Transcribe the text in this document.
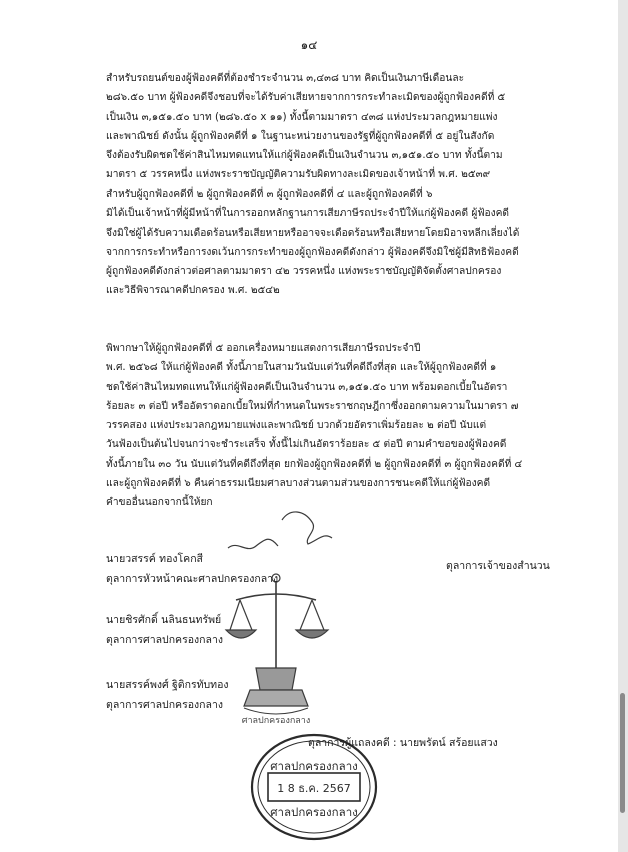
๑๔

สำหรับรถยนต์ของผู้ฟ้องคดีที่ต้องชำระจำนวน ๓,๔๓๘ บาท คิดเป็นเงินภาษีเดือนละ
๒๘๖.๕๐ บาท ผู้ฟ้องคดีจึงชอบที่จะได้รับค่าเสียหายจากการกระทำละเมิดของผู้ถูกฟ้องคดีที่ ๕
เป็นเงิน ๓,๑๕๑.๕๐ บาท (๒๘๖.๕๐ x ๑๑) ทั้งนี้ตามมาตรา ๔๓๘ แห่งประมวลกฎหมายแพ่ง
และพาณิชย์ ดังนั้น ผู้ถูกฟ้องคดีที่ ๑ ในฐานะหน่วยงานของรัฐที่ผู้ถูกฟ้องคดีที่ ๕ อยู่ในสังกัด
จึงต้องรับผิดชดใช้ค่าสินไหมทดแทนให้แก่ผู้ฟ้องคดีเป็นเงินจำนวน ๓,๑๕๑.๕๐ บาท ทั้งนี้ตาม
มาตรา ๕ วรรคหนึ่ง แห่งพระราชบัญญัติความรับผิดทางละเมิดของเจ้าหน้าที่ พ.ศ. ๒๕๓๙

สำหรับผู้ถูกฟ้องคดีที่ ๒ ผู้ถูกฟ้องคดีที่ ๓ ผู้ถูกฟ้องคดีที่ ๔ และผู้ถูกฟ้องคดีที่ ๖
มิได้เป็นเจ้าหน้าที่ผู้มีหน้าที่ในการออกหลักฐานการเสียภาษีรถประจำปีให้แก่ผู้ฟ้องคดี ผู้ฟ้องคดี
จึงมิใช่ผู้ได้รับความเดือดร้อนหรือเสียหายหรืออาจจะเดือดร้อนหรือเสียหายโดยมิอาจหลีกเลี่ยงได้
จากการกระทำหรือการงดเว้นการกระทำของผู้ถูกฟ้องคดีดังกล่าว ผู้ฟ้องคดีจึงมิใช่ผู้มีสิทธิฟ้องคดี
ผู้ถูกฟ้องคดีดังกล่าวต่อศาลตามมาตรา ๔๒ วรรคหนึ่ง แห่งพระราชบัญญัติจัดตั้งศาลปกครอง
และวิธีพิจารณาคดีปกครอง พ.ศ. ๒๕๔๒

พิพากษาให้ผู้ถูกฟ้องคดีที่ ๕ ออกเครื่องหมายแสดงการเสียภาษีรถประจำปี
พ.ศ. ๒๕๖๘ ให้แก่ผู้ฟ้องคดี ทั้งนี้ภายในสามวันนับแต่วันที่คดีถึงที่สุด และให้ผู้ถูกฟ้องคดีที่ ๑
ชดใช้ค่าสินไหมทดแทนให้แก่ผู้ฟ้องคดีเป็นเงินจำนวน ๓,๑๕๑.๕๐ บาท พร้อมดอกเบี้ยในอัตรา
ร้อยละ ๓ ต่อปี หรืออัตราดอกเบี้ยใหม่ที่กำหนดในพระราชกฤษฎีกาซึ่งออกตามความในมาตรา ๗
วรรคสอง แห่งประมวลกฎหมายแพ่งและพาณิชย์ บวกด้วยอัตราเพิ่มร้อยละ ๒ ต่อปี นับแต่
วันฟ้องเป็นต้นไปจนกว่าจะชำระเสร็จ ทั้งนี้ไม่เกินอัตราร้อยละ ๕ ต่อปี ตามคำขอของผู้ฟ้องคดี
ทั้งนี้ภายใน ๓๐ วัน นับแต่วันที่คดีถึงที่สุด ยกฟ้องผู้ถูกฟ้องคดีที่ ๒ ผู้ถูกฟ้องคดีที่ ๓ ผู้ถูกฟ้องคดีที่ ๔
และผู้ถูกฟ้องคดีที่ ๖ คืนค่าธรรมเนียมศาลบางส่วนตามส่วนของการชนะคดีให้แก่ผู้ฟ้องคดี
คำขออื่นนอกจากนี้ให้ยก

ศาลปกครองกลาง
ศาลปกครองกลาง
1 8 ธ.ค. 2567
ศาลปกครองกลาง

นายวสรรค์ ทองโคกสี
ตุลาการหัวหน้าคณะศาลปกครองกลาง

ตุลาการเจ้าของสำนวน

นายชิรศักดิ์ นลินธนทรัพย์
ตุลาการศาลปกครองกลาง

นายสรรค์พงศ์ ฐิติกรทับทอง
ตุลาการศาลปกครองกลาง

ตุลาการผู้แถลงคดี : นายพรัตน์ สร้อยแสวง
